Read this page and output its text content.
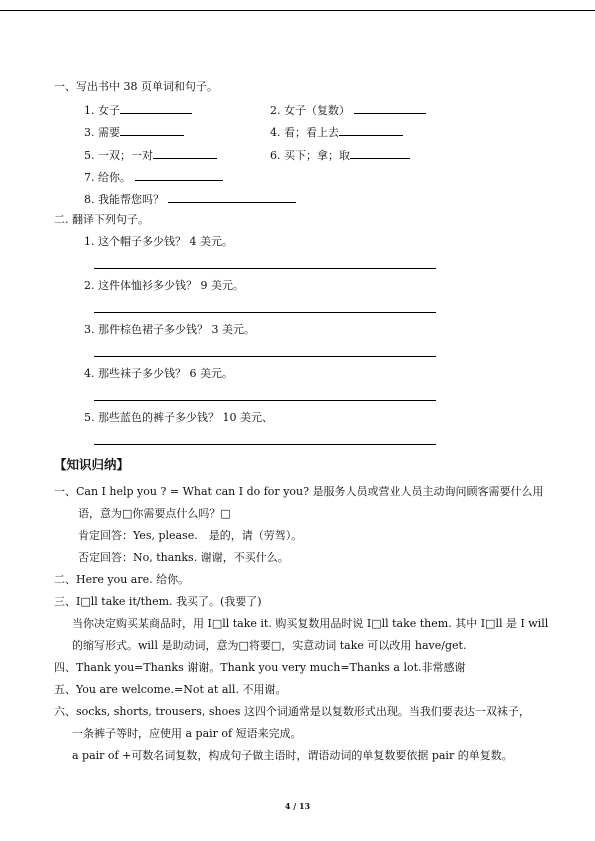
一、写出书中 38 页单词和句子。
1. 女子	2. 女子（复数）
3. 需要	4. 看；看上去
5. 一双；一对	6. 买下；拿；取
7. 给你。
8. 我能帮您吗？
二. 翻译下列句子。
1. 这个帽子多少钱？ 4 美元。
2. 这件体恤衫多少钱？ 9 美元。
3. 那件棕色裙子多少钱？ 3 美元。
4. 那些袜子多少钱？ 6 美元。
5. 那些蓝色的裤子多少钱？ 10 美元、
【知识归纳】
一、Can I help you ? = What can I do for you? 是服务人员或营业人员主动询问顾客需要什么用
语，意为□你需要点什么吗？□
肯定回答：Yes, please.　是的，请（劳驾）。
否定回答：No, thanks. 谢谢，不买什么。
二、Here you are. 给你。
三、I□ll take it/them. 我买了。(我要了)
当你决定购买某商品时，用 I□ll take it. 购买复数用品时说 I□ll take them. 其中 I□ll 是 I will
的缩写形式。will 是助动词，意为□将要□，实意动词 take 可以改用 have/get.
四、Thank you=Thanks 谢谢。Thank you very much=Thanks a lot.非常感谢
五、You are welcome.=Not at all. 不用谢。
六、socks, shorts, trousers, shoes 这四个词通常是以复数形式出现。当我们要表达一双袜子，
一条裤子等时，应使用 a pair of 短语来完成。
a pair of +可数名词复数，构成句子做主语时，谓语动词的单复数要依据 pair 的单复数。
4 / 13
